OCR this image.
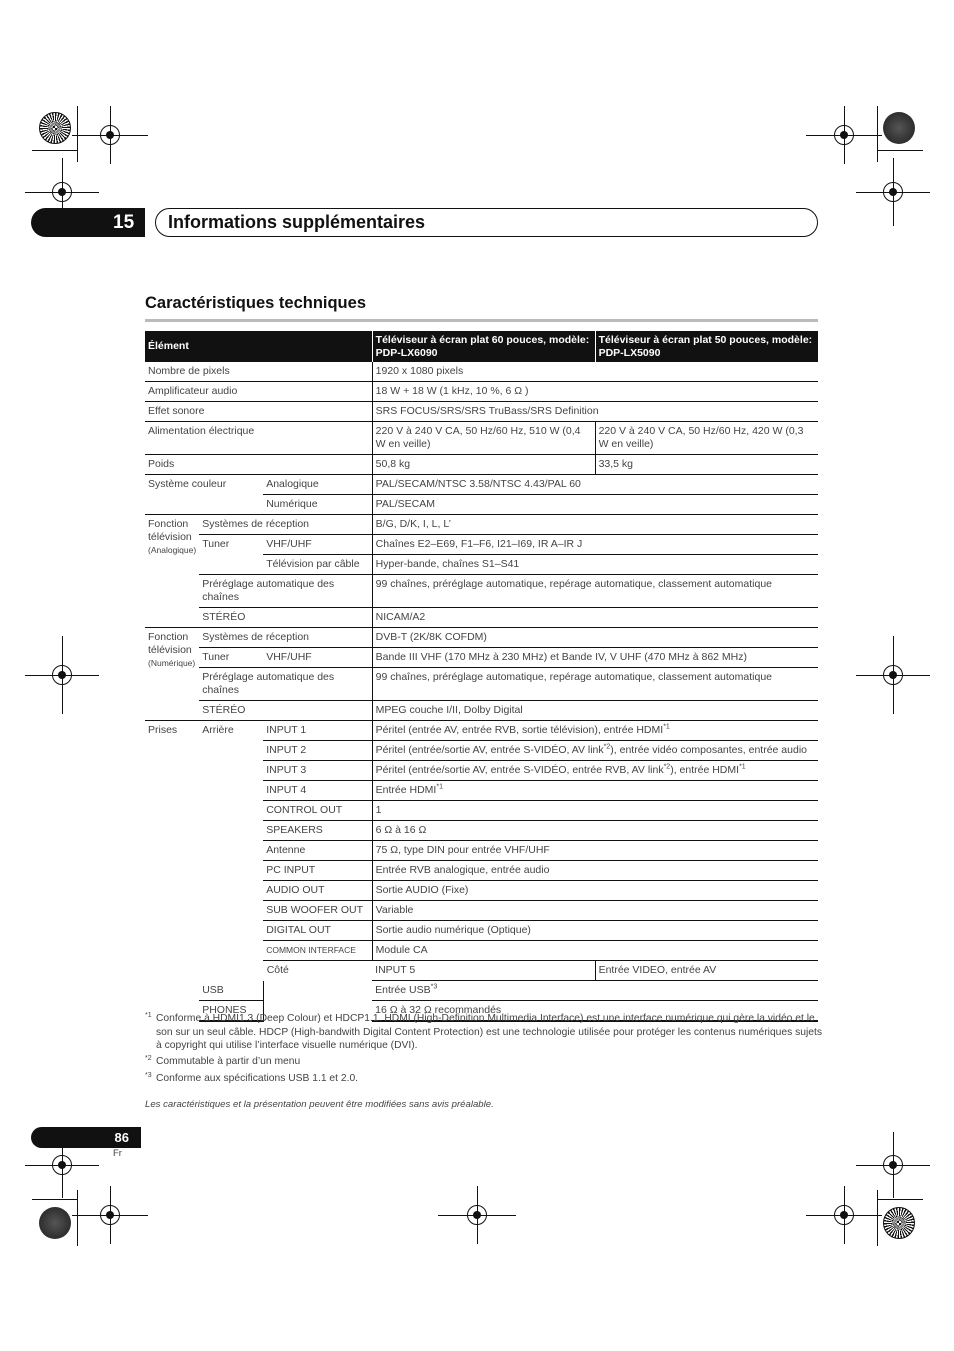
15	Informations supplémentaires
Caractéristiques techniques
Élément			Téléviseur à écran plat 60 pouces, modèle: PDP-LX6090	Téléviseur à écran plat 50 pouces, modèle: PDP-LX5090
Nombre de pixels			1920 x 1080 pixels	
Amplificateur audio			18 W + 18 W (1 kHz, 10 %, 6 Ω )	
Effet sonore			SRS FOCUS/SRS/SRS TruBass/SRS Definition	
Alimentation électrique			220 V à 240 V CA, 50 Hz/60 Hz, 510 W (0,4 W en veille)	220 V à 240 V CA, 50 Hz/60 Hz, 420 W (0,3 W en veille)
Poids			50,8 kg	33,5 kg
Système couleur		Analogique	PAL/SECAM/NTSC 3.58/NTSC 4.43/PAL 60	
		Numérique	PAL/SECAM	
Fonction télévision
(Analogique)	Systèmes de réception		B/G, D/K, I, L, L’	
	Tuner	VHF/UHF	Chaînes E2–E69, F1–F6, I21–I69, IR A–IR J	
		Télévision par câble	Hyper-bande, chaînes S1–S41	
	Préréglage automatique des chaînes		99 chaînes, préréglage automatique, repérage automatique, classement automatique	
	STÉRÉO		NICAM/A2	
Fonction télévision
(Numérique)	Systèmes de réception		DVB-T (2K/8K COFDM)	
	Tuner	VHF/UHF	Bande III VHF (170 MHz à 230 MHz) et Bande IV, V UHF (470 MHz à 862 MHz)	
	Préréglage automatique des chaînes		99 chaînes, préréglage automatique, repérage automatique, classement automatique	
	STÉRÉO		MPEG couche I/II, Dolby Digital	
Prises	Arrière	INPUT 1	Péritel (entrée AV, entrée RVB, sortie télévision), entrée HDMI$^{*1}$
		INPUT 2	Péritel (entrée/sortie AV, entrée S-VIDÉO, AV link$^{*2}$), entrée vidéo composantes, entrée audio	
		INPUT 3	Péritel (entrée/sortie AV, entrée S-VIDÉO, entrée RVB, AV link$^{*2}$), entrée HDMI$^{*1}$
		INPUT 4	Entrée HDMI$^{*1}$
		CONTROL OUT	1	
		SPEAKERS	6 Ω à 16 Ω	
		Antenne	75 Ω, type DIN pour entrée VHF/UHF	
		PC INPUT	Entrée RVB analogique, entrée audio	
		AUDIO OUT	Sortie AUDIO (Fixe)	
		SUB WOOFER OUT	Variable	
		DIGITAL OUT	Sortie audio numérique (Optique)	
		COMMON INTERFACE	Module CA	
		Côté	INPUT 5	Entrée VIDEO, entrée AV
	USB		Entrée USB$^{*3}$
	PHONES		16 Ω à 32 Ω recommandés	
*1 Conforme à HDMI1.3 (Deep Colour) et HDCP1.1. HDMI (High-Definition Multimedia Interface) est une interface numérique qui gère la vidéo et le son sur un seul câble. HDCP (High-bandwith Digital Content Protection) est une technologie utilisée pour protéger les contenus numériques sujets à copyright qui utilise l’interface visuelle numérique (DVI).
*2 Commutable à partir d’un menu
*3 Conforme aux spécifications USB 1.1 et 2.0.
Les caractéristiques et la présentation peuvent être modifiées sans avis préalable.
86
Fr
